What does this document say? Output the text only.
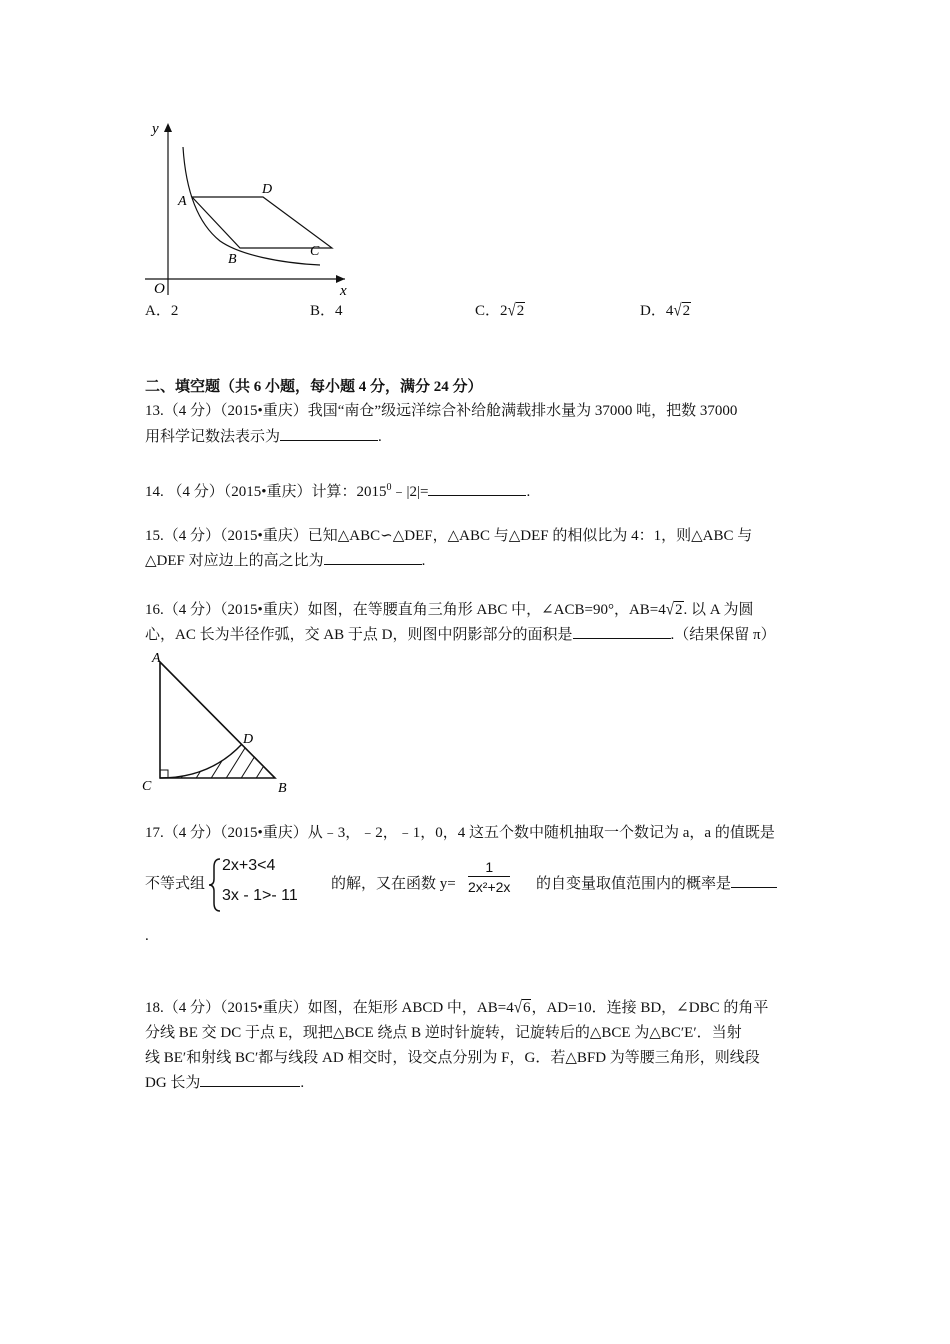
y
x
O
A
D
B
C
A．2	B．4	C．2√2	D．4√2
二、填空题（共 6 小题，每小题 4 分，满分 24 分）
13.（4 分）（2015•重庆）我国“南仓”级远洋综合补给舱满载排水量为 37000 吨，把数 37000
用科学记数法表示为	.
14. （4 分）（2015•重庆）计算：$2015^0﹣|2|=$	.
15.（4 分）（2015•重庆）已知△ABC∽△DEF，△ABC 与△DEF 的相似比为 4：1，则△ABC 与
△DEF 对应边上的高之比为	.
16.（4 分）（2015•重庆）如图，在等腰直角三角形 ABC 中，∠ACB=90°，AB=4√2. 以 A 为圆
心，AC 长为半径作弧，交 AB 于点 D，则图中阴影部分的面积是	.（结果保留 π）
A
D
C	B
17.（4 分）（2015•重庆）从﹣3，﹣2，﹣1，0，4 这五个数中随机抽取一个数记为 a，a 的值既是
不等式组
2x+3<4
3x - 1>- 11
的解，又在函数 $y= \frac{1}{\text{2x²+2x}}$ 的自变量取值范围内的概率是
.
18.（4 分）（2015•重庆）如图，在矩形 ABCD 中，AB=4√6，AD=10．连接 BD，∠DBC 的角平
分线 BE 交 DC 于点 E，现把△BCE 绕点 B 逆时针旋转，记旋转后的△BCE 为△BC′E′．当射
线 BE′和射线 BC′都与线段 AD 相交时，设交点分别为 F，G．若△BFD 为等腰三角形，则线段
DG 长为	.
